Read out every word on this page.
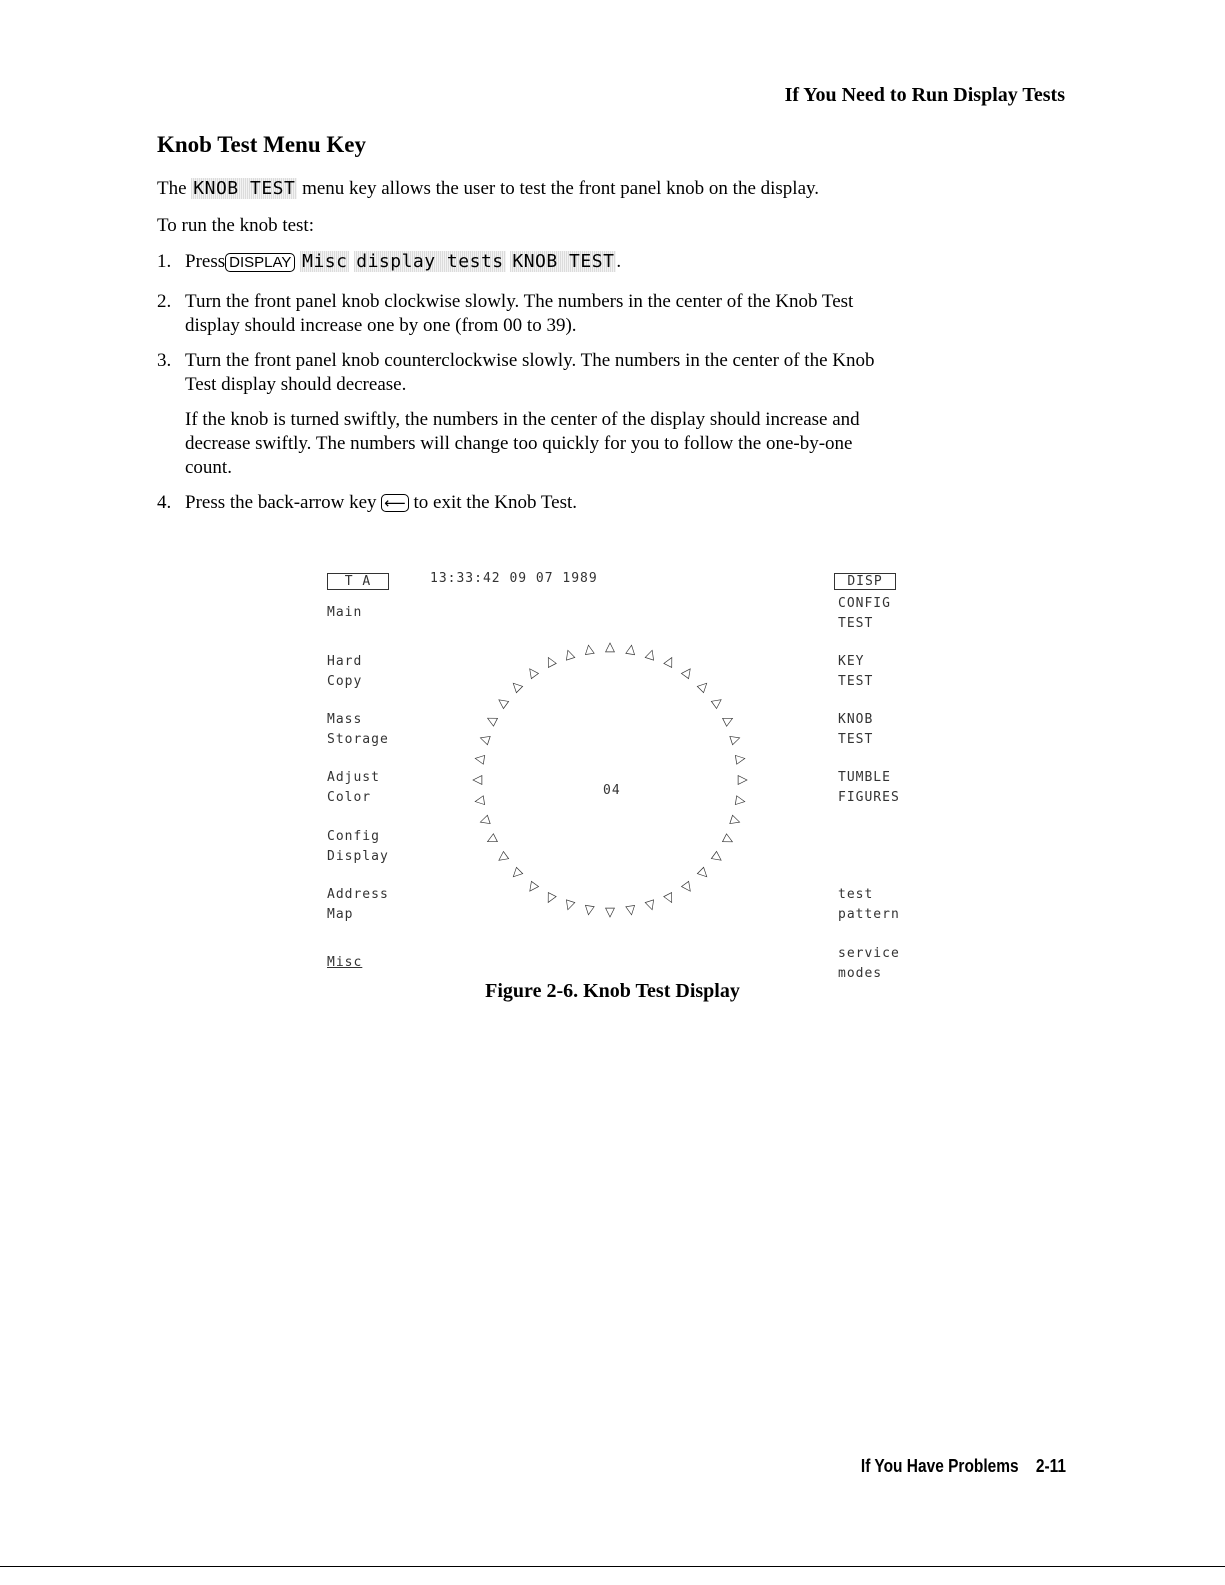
If You Need to Run Display Tests
Knob Test Menu Key

The KNOB TEST menu key allows the user to test the front panel knob on the display.

To run the knob test:

1. Press DISPLAY Misc display tests KNOB TEST .
2. Turn the front panel knob clockwise slowly. The numbers in the center of the Knob Test
display should increase one by one (from 00 to 39).
3. Turn the front panel knob counterclockwise slowly. The numbers in the center of the Knob
Test display should decrease.
If the knob is turned swiftly, the numbers in the center of the display should increase and
decrease swiftly. The numbers will change too quickly for you to follow the one-by-one
count.
4. Press the back-arrow key ⟵ to exit the Knob Test.
T A	13:33:42 09 07 1989	DISP
Main
Hard
Copy
Mass
Storage
Adjust
Color
Config
Display
Address
Map
Misc
CONFIG
TEST
KEY
TEST
KNOB
TEST
TUMBLE
FIGURES
test
pattern
service
modes
▽ ▽ ▽ ▽
▽
▽
▽
▽
▽
▽
▽
▽
▽
▽
▽
▽
▽
▽
▽
▽
▽
▽
▽
▽
▽
▽
▽
▽
▽
▽
▽
▽
▽
▽
▽
▽
▽
▽ ▽ ▽
04
Figure 2-6. Knob Test Display
If You Have Problems 2-11
